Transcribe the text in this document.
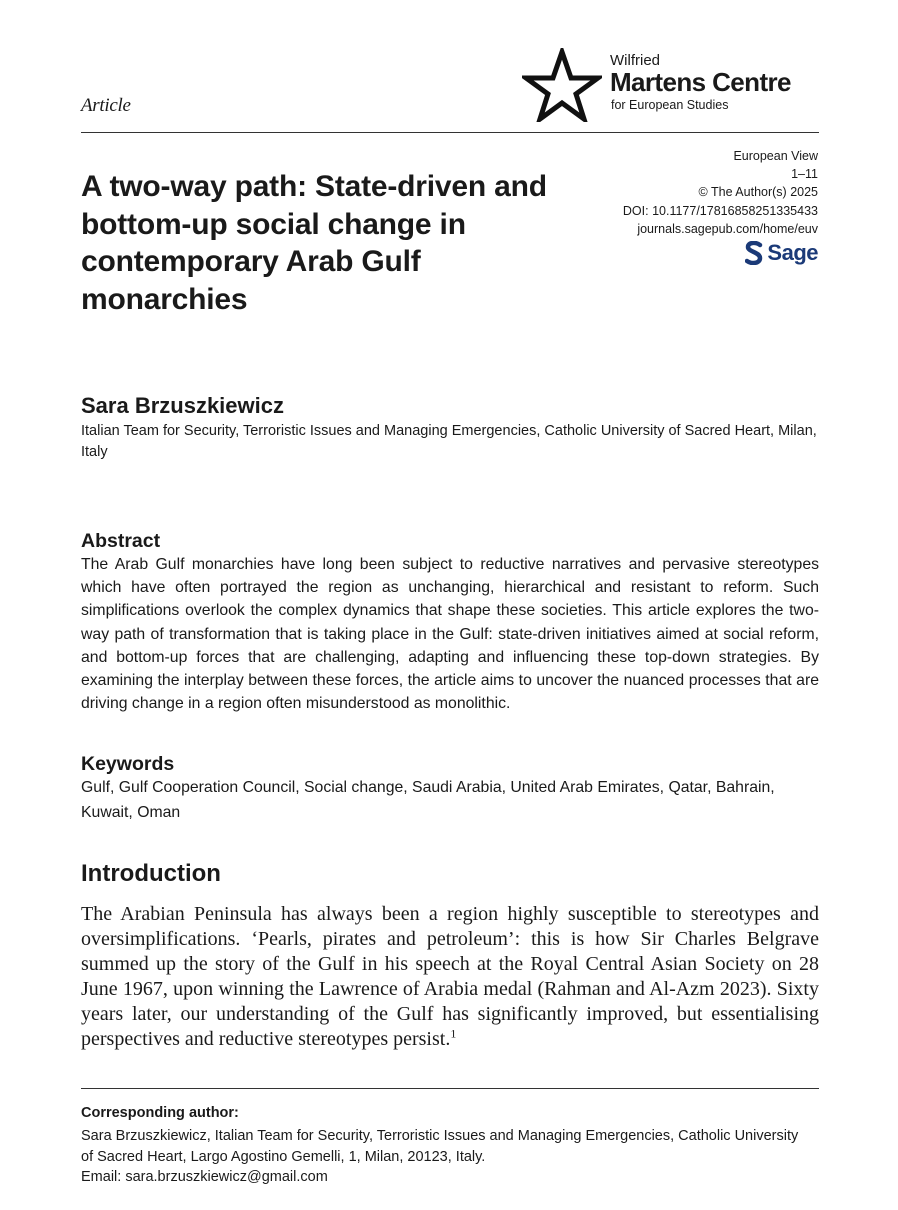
Article
Wilfried
Martens Centre
for European Studies
European View
1–11
© The Author(s) 2025
DOI: 10.1177/17816858251335433
journals.sagepub.com/home/euv
Sage
A two-way path: State-driven and bottom-up social change in contemporary Arab Gulf monarchies
Sara Brzuszkiewicz
Italian Team for Security, Terroristic Issues and Managing Emergencies, Catholic University of Sacred Heart, Milan, Italy
Abstract
The Arab Gulf monarchies have long been subject to reductive narratives and pervasive stereotypes which have often portrayed the region as unchanging, hierarchical and resistant to reform. Such simplifications overlook the complex dynamics that shape these societies. This article explores the two-way path of transformation that is taking place in the Gulf: state-driven initiatives aimed at social reform, and bottom-up forces that are challenging, adapting and influencing these top-down strategies. By examining the interplay between these forces, the article aims to uncover the nuanced processes that are driving change in a region often misunderstood as monolithic.
Keywords
Gulf, Gulf Cooperation Council, Social change, Saudi Arabia, United Arab Emirates, Qatar, Bahrain, Kuwait, Oman
Introduction
The Arabian Peninsula has always been a region highly susceptible to stereotypes and oversimplifications. ‘Pearls, pirates and petroleum’: this is how Sir Charles Belgrave summed up the story of the Gulf in his speech at the Royal Central Asian Society on 28 June 1967, upon winning the Lawrence of Arabia medal (Rahman and Al-Azm 2023). Sixty years later, our understanding of the Gulf has significantly improved, but essentialising perspectives and reductive stereotypes persist.$^1$
Corresponding author:
Sara Brzuszkiewicz, Italian Team for Security, Terroristic Issues and Managing Emergencies, Catholic University of Sacred Heart, Largo Agostino Gemelli, 1, Milan, 20123, Italy.
Email: sara.brzuszkiewicz@gmail.com
